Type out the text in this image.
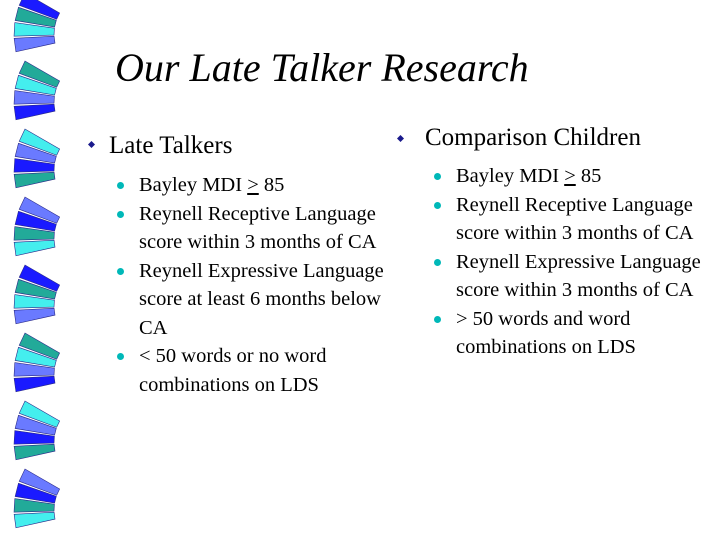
Our Late Talker Research
Late Talkers
Bayley MDI ≥ 85
Reynell Receptive Language score within 3 months of CA
Reynell Expressive Language score at least 6 months below CA
< 50 words or no word combinations on LDS
Comparison Children
Bayley MDI ≥ 85
Reynell Receptive Language score within 3 months of CA
Reynell Expressive Language score within 3 months of CA
> 50 words and word combinations on LDS
